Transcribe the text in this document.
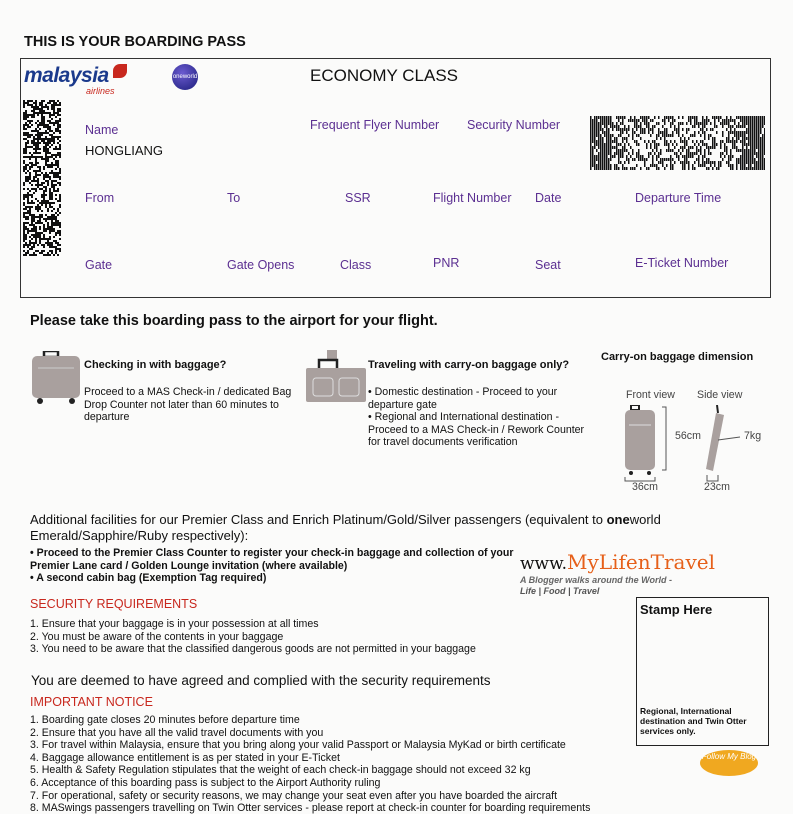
THIS IS YOUR BOARDING PASS
malaysia
airlines
oneworld	ECONOMY CLASS
Name
HONGLIANG
Frequent Flyer Number Security Number
From	To	SSR	Flight Number Date	Departure Time
Gate	Gate Opens	Class	PNR	Seat	E-Ticket Number
Please take this boarding pass to the airport for your flight.
Checking in with baggage?
Proceed to a MAS Check-in / dedicated Bag
Drop Counter not later than 60 minutes to
departure
Traveling with carry-on baggage only?
• Domestic destination - Proceed to your
departure gate
• Regional and International destination -
Proceed to a MAS Check-in / Rework Counter
for travel documents verification
Carry-on baggage dimension
Front view Side view
56cm	7kg
36cm	23cm
Additional facilities for our Premier Class and Enrich Platinum/Gold/Silver passengers (equivalent to oneworld
Emerald/Sapphire/Ruby respectively):
• Proceed to the Premier Class Counter to register your check-in baggage and collection of your
Premier Lane card / Golden Lounge invitation (where available)
• A second cabin bag (Exemption Tag required)
SECURITY REQUIREMENTS
1. Ensure that your baggage is in your possession at all times
2. You must be aware of the contents in your baggage
3. You need to be aware that the classified dangerous goods are not permitted in your baggage
You are deemed to have agreed and complied with the security requirements
IMPORTANT NOTICE
1. Boarding gate closes 20 minutes before departure time
2. Ensure that you have all the valid travel documents with you
3. For travel within Malaysia, ensure that you bring along your valid Passport or Malaysia MyKad or birth certificate
4. Baggage allowance entitlement is as per stated in your E-Ticket
5. Health & Safety Regulation stipulates that the weight of each check-in baggage should not exceed 32 kg
6. Acceptance of this boarding pass is subject to the Airport Authority ruling
7. For operational, safety or security reasons, we may change your seat even after you have boarded the aircraft
8. MASwings passengers travelling on Twin Otter services - please report at check-in counter for boarding requirements
Stamp Here
Regional, International
destination and Twin Otter
services only.
Follow My Blog
www.MyLifenTravel
A Blogger walks around the World -
Life | Food | Travel
